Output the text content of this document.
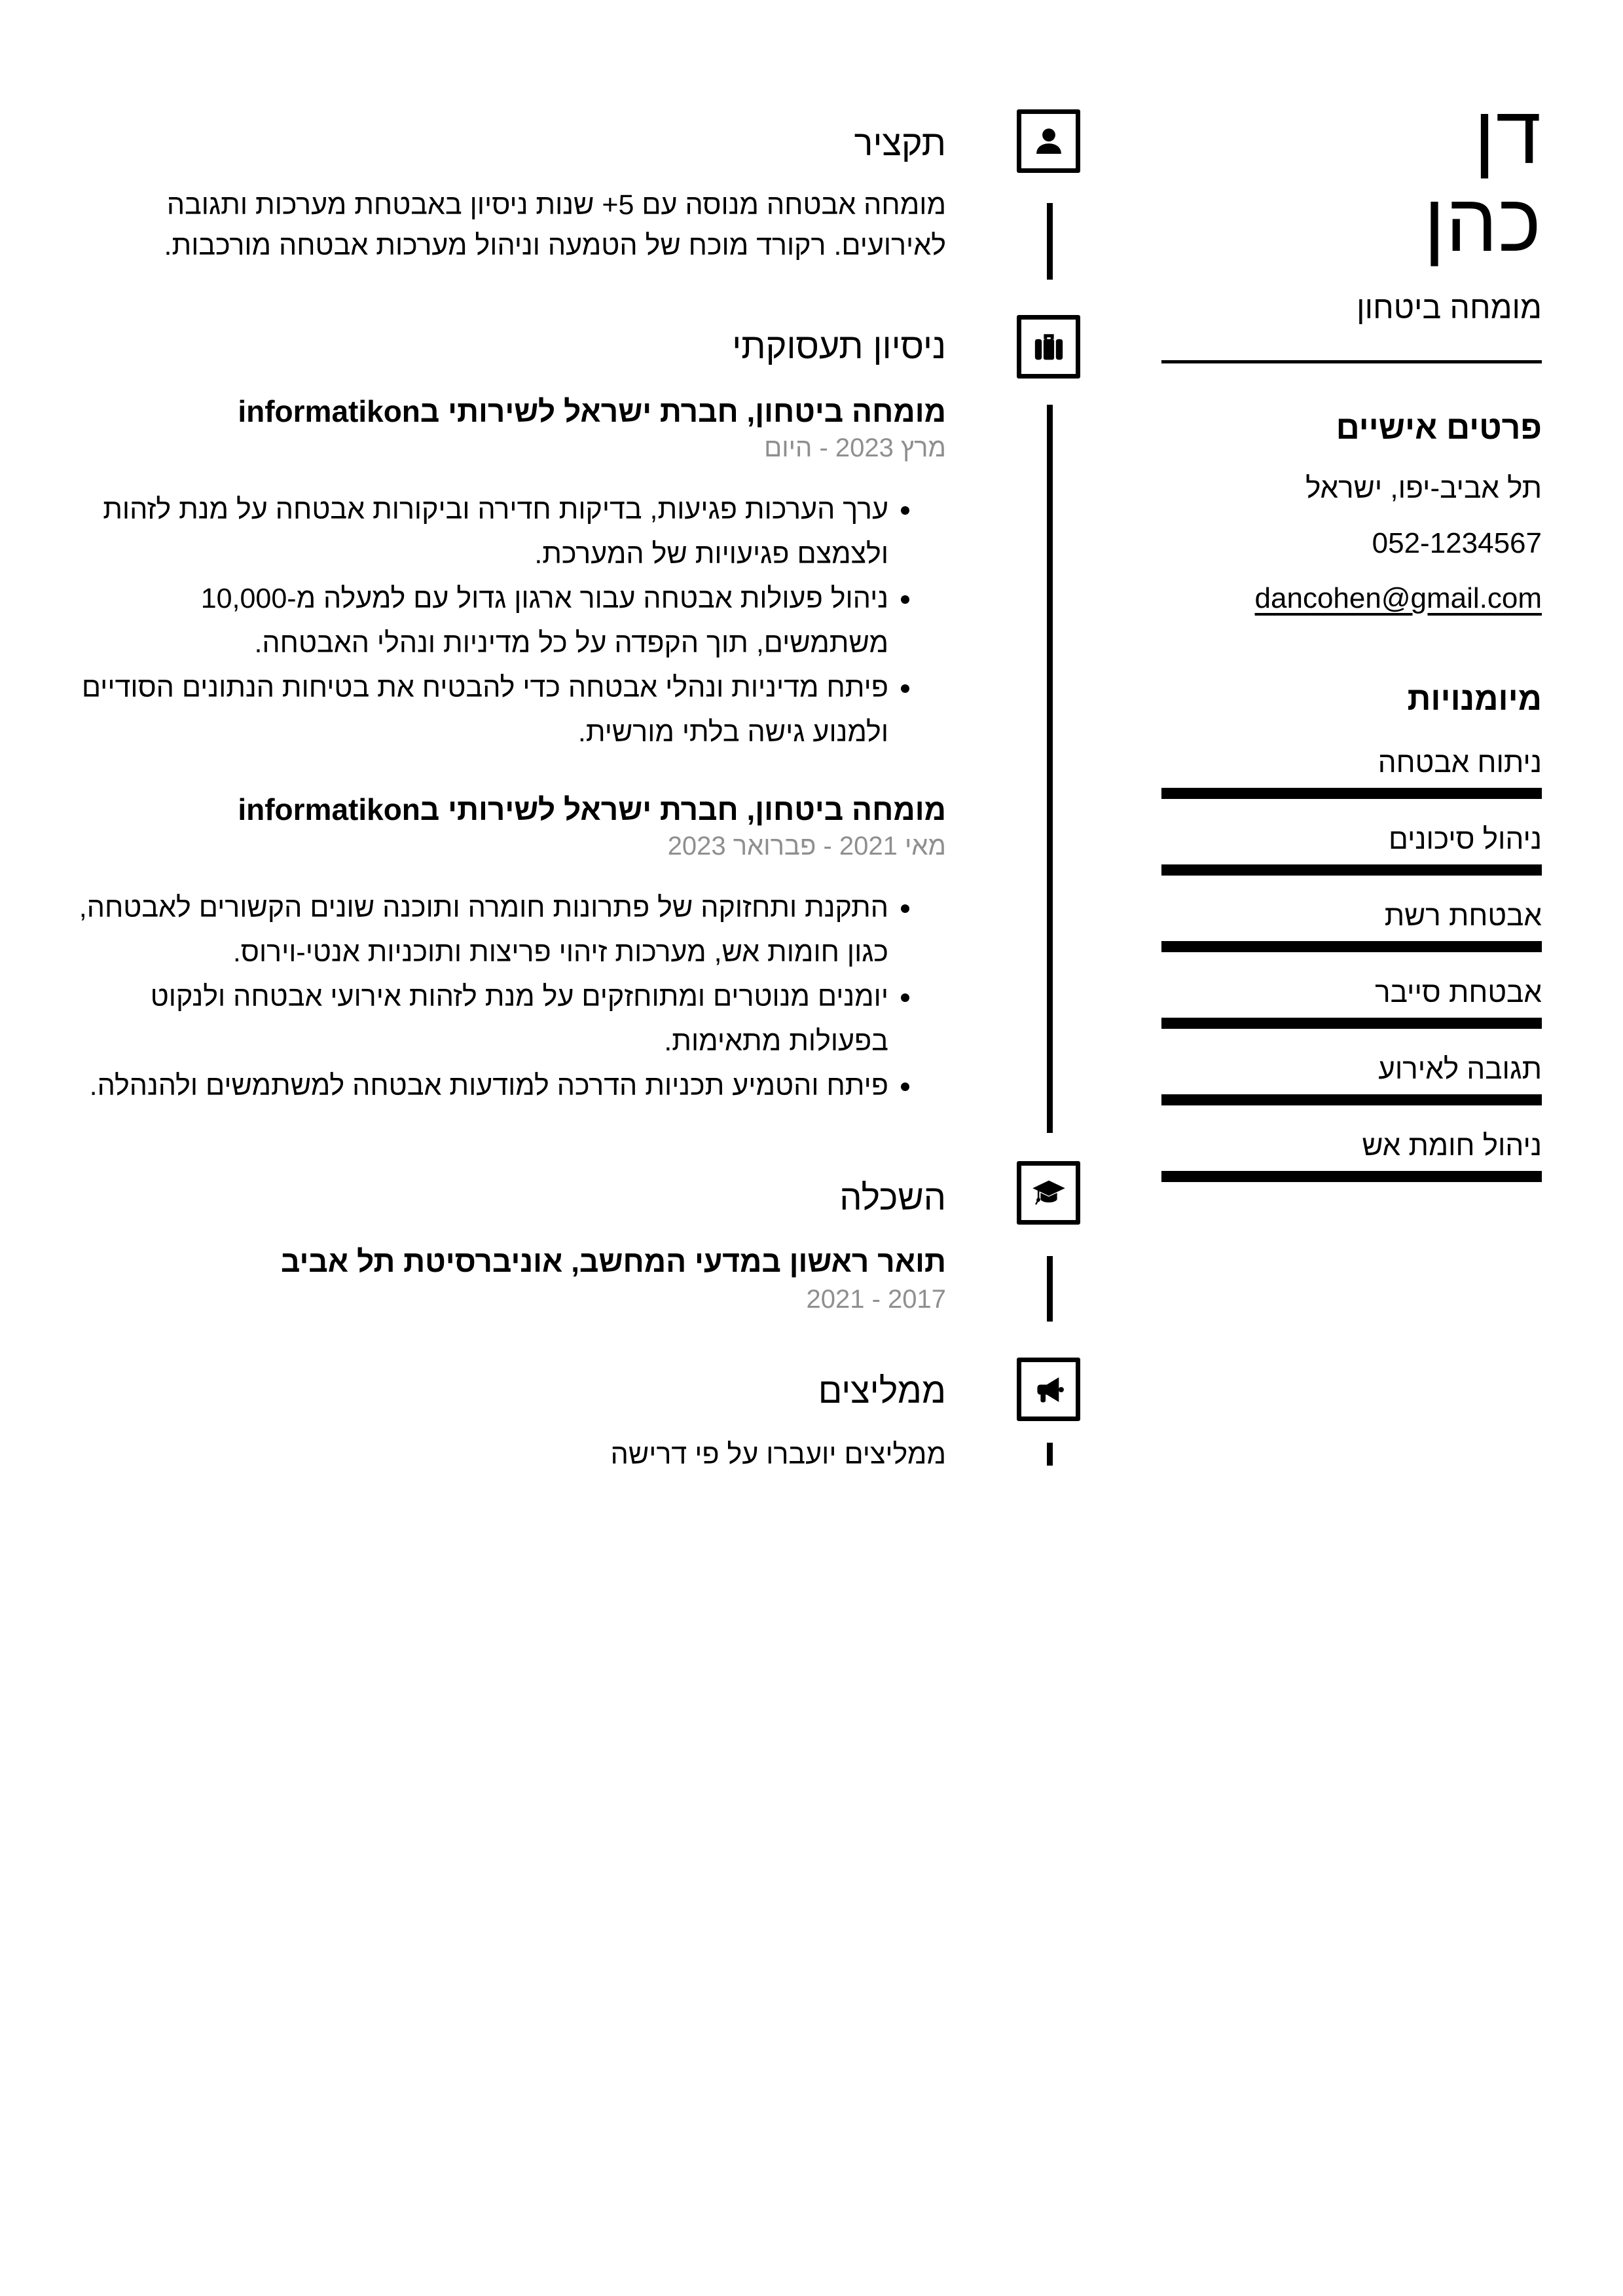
דן
כהן
מומחה ביטחון
פרטים אישיים
תל אביב-יפו, ישראל
052-1234567
dancohen@gmail.com
מיומנויות
ניתוח אבטחה
ניהול סיכונים
אבטחת רשת
אבטחת סייבר
תגובה לאירוע
ניהול חומת אש
תקציר

מומחה אבטחה מנוסה עם 5+ שנות ניסיון באבטחת מערכות ותגובה לאירועים. רקורד מוכח של הטמעה וניהול מערכות אבטחה מורכבות.

ניסיון תעסוקתי
מומחה ביטחון, חברת ישראל לשירותי בinformatikon
מרץ 2023 - היום
• ערך הערכות פגיעות, בדיקות חדירה וביקורות אבטחה על מנת לזהות ולצמצם פגיעויות של המערכת.
• ניהול פעולות אבטחה עבור ארגון גדול עם למעלה מ-10,000 משתמשים, תוך הקפדה על כל מדיניות ונהלי האבטחה.
• פיתח מדיניות ונהלי אבטחה כדי להבטיח את בטיחות הנתונים הסודיים ולמנוע גישה בלתי מורשית.
מומחה ביטחון, חברת ישראל לשירותי בinformatikon
מאי 2021 - פברואר 2023
• התקנת ותחזוקה של פתרונות חומרה ותוכנה שונים הקשורים לאבטחה, כגון חומות אש, מערכות זיהוי פריצות ותוכניות אנטי-וירוס.
• יומנים מנוטרים ומתוחזקים על מנת לזהות אירועי אבטחה ולנקוט בפעולות מתאימות.
• פיתח והטמיע תכניות הדרכה למודעות אבטחה למשתמשים ולהנהלה.
השכלה
תואר ראשון במדעי המחשב, אוניברסיטת תל אביב
2017 - 2021
ממליצים
ממליצים יועברו על פי דרישה
